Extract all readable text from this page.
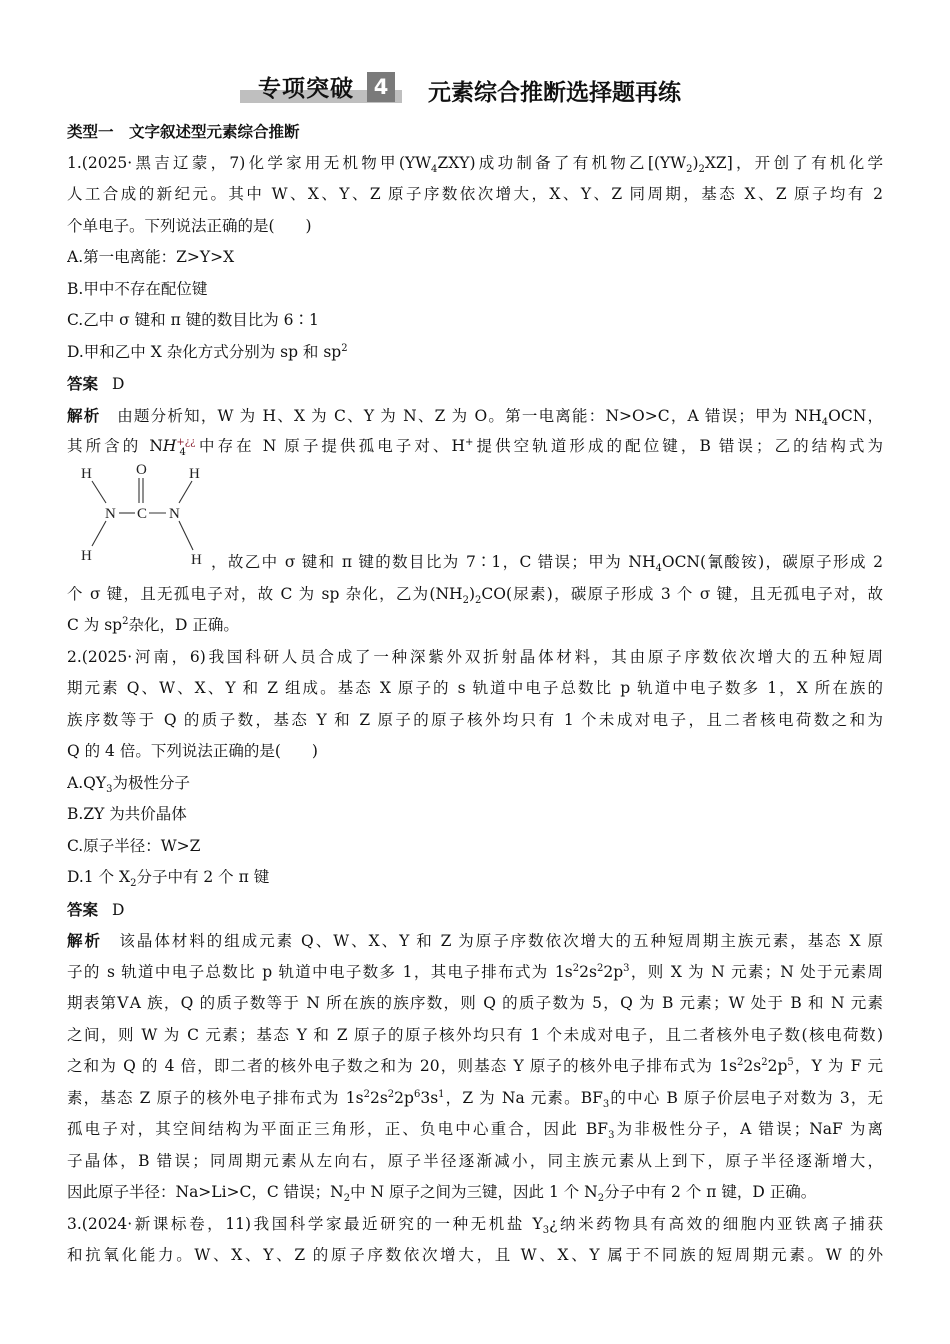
专项突破 4 元素综合推断选择题再练
类型一　文字叙述型元素综合推断
1.(2025·黑吉辽蒙，7)化学家用无机物甲$(YW_4ZXY)$成功制备了有机物乙$[(YW_2)_2XZ]$，开创了有机化学
人工合成的新纪元。其中 W、X、Y、Z 原子序数依次增大，X、Y、Z 同周期，基态 X、Z 原子均有 2
个单电子。下列说法正确的是(　　)
A.第一电离能：Z>Y>X
B.甲中不存在配位键
C.乙中 σ 键和 π 键的数目比为 6∶1
D.甲和乙中 X 杂化方式分别为 sp 和 $sp^2$
答案 D
解析　由题分析知，W 为 H、X 为 C、Y 为 N、Z 为 O。第一电离能：N>O>C，A 错误；甲为 $NH_4OCN$，
其所含的 $NH^{+¿¿}_4$ 中存在 N 原子提供孤电子对、H+提供空轨道形成的配位键，B 错误；乙的结构式为
H	H
O
N C N
H	H ，故乙中 σ 键和 π 键的数目比为 7∶1，C 错误；甲为 $NH_4OCN$(氰酸铵)，碳原子形成 2
个 σ 键，且无孤电子对，故 C 为 sp 杂化，乙为$(NH_2)_2CO$(尿素)，碳原子形成 3 个 σ 键，且无孤电子对，故
C 为 $sp^2$杂化，D 正确。
2.(2025·河南，6)我国科研人员合成了一种深紫外双折射晶体材料，其由原子序数依次增大的五种短周
期元素 Q、W、X、Y 和 Z 组成。基态 X 原子的 s 轨道中电子总数比 p 轨道中电子数多 1，X 所在族的
族序数等于 Q 的质子数，基态 Y 和 Z 原子的原子核外均只有 1 个未成对电子，且二者核电荷数之和为
Q 的 4 倍。下列说法正确的是(　　)
$A.QY_3$为极性分子
B.ZY 为共价晶体
C.原子半径：W>Z
D.1 个 $X_2$分子中有 2 个 π 键
答案 D
解析　该晶体材料的组成元素 Q、W、X、Y 和 Z 为原子序数依次增大的五种短周期主族元素，基态 X 原
子的 s 轨道中电子总数比 p 轨道中电子数多 1，其电子排布式为 $1s^22s^22p^3$，则 X 为 N 元素；N 处于元素周
期表第ⅤA 族，Q 的质子数等于 N 所在族的族序数，则 Q 的质子数为 5，Q 为 B 元素；W 处于 B 和 N 元素
之间，则 W 为 C 元素；基态 Y 和 Z 原子的原子核外均只有 1 个未成对电子，且二者核外电子数(核电荷数)
之和为 Q 的 4 倍，即二者的核外电子数之和为 20，则基态 Y 原子的核外电子排布式为 $1s^22s^22p^5$，Y 为 F 元
素，基态 Z 原子的核外电子排布式为 $1s^22s^22p^63s^1$，Z 为 Na 元素。$BF_3$的中心 B 原子价层电子对数为 3，无
孤电子对，其空间结构为平面正三角形，正、负电中心重合，因此 $BF_3$为非极性分子，A 错误；NaF 为离
子晶体，B 错误；同周期元素从左向右，原子半径逐渐减小，同主族元素从上到下，原子半径逐渐增大，
因此原子半径：Na>Li>C，C 错误；$N_2$中 N 原子之间为三键，因此 1 个 $N_2$分子中有 2 个 π 键，D 正确。
3.(2024·新课标卷，11)我国科学家最近研究的一种无机盐 $Y_3¿$纳米药物具有高效的细胞内亚铁离子捕获
和抗氧化能力。W、X、Y、Z 的原子序数依次增大，且 W、X、Y 属于不同族的短周期元素。W 的外
